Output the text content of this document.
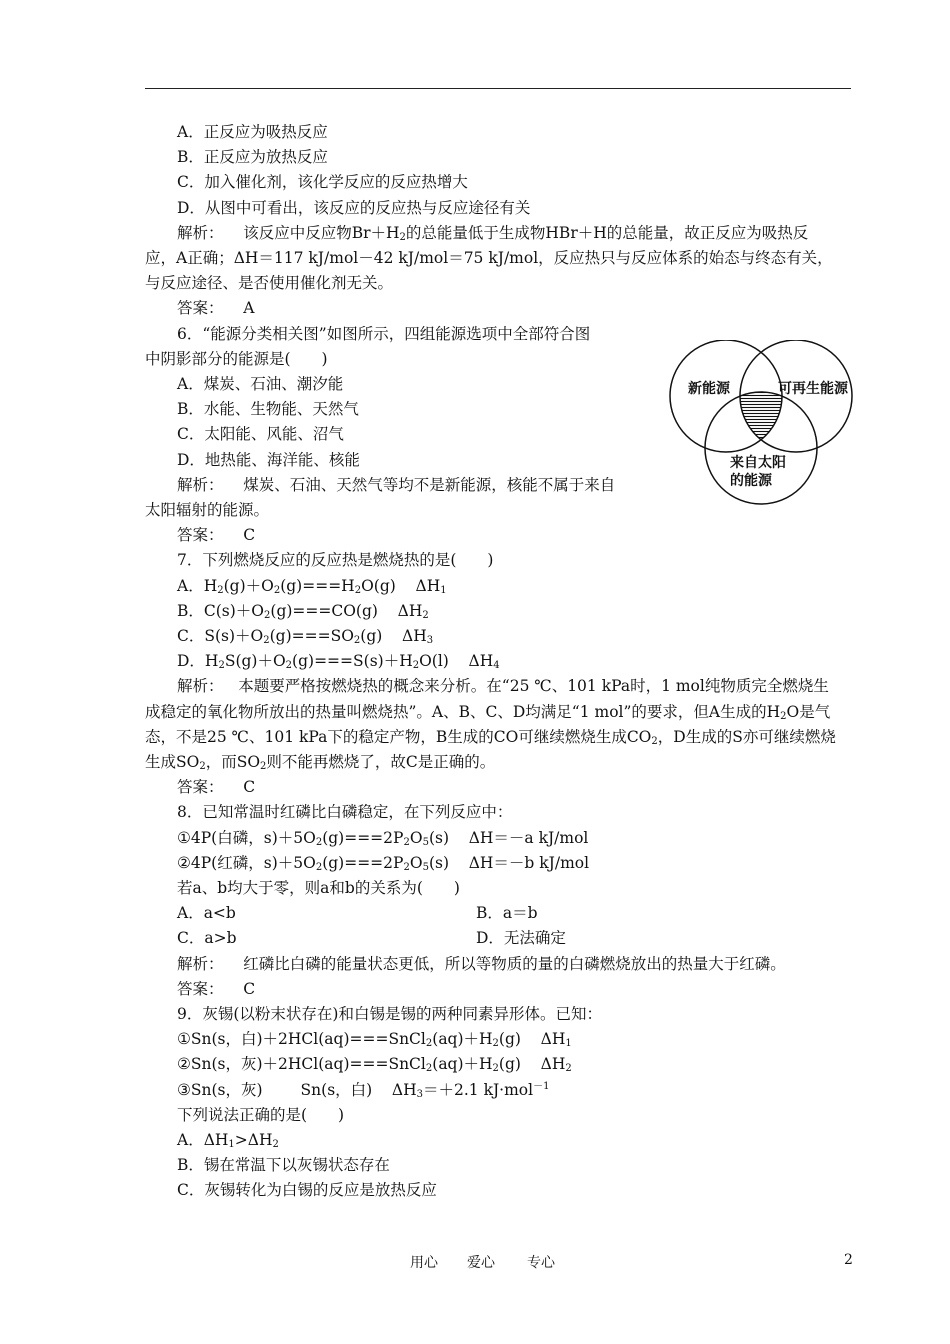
A．正反应为吸热反应
B．正反应为放热反应
C．加入催化剂，该化学反应的反应热增大
D．从图中可看出，该反应的反应热与反应途径有关
解析：    该反应中反应物$Br+H_2$的总能量低于生成物HBr＋H的总能量，故正反应为吸热反
应，A正确；ΔH＝117 kJ/mol－42 kJ/mol＝75 kJ/mol，反应热只与反应体系的始态与终态有关，
与反应途径、是否使用催化剂无关。
答案：    A
6．“能源分类相关图”如图所示，四组能源选项中全部符合图
中阴影部分的能源是(　　)
A．煤炭、石油、潮汐能
B．水能、生物能、天然气
C．太阳能、风能、沼气
D．地热能、海洋能、核能
解析：    煤炭、石油、天然气等均不是新能源，核能不属于来自
太阳辐射的能源。
答案：    C
7．下列燃烧反应的反应热是燃烧热的是(　　)
A．$H_2(g)+O_2(g)===H_2O(g)$    $\Delta H_1$
B．$C(s)+O_2(g)===CO(g)$    $\Delta H_2$
C．$S(s)+O_2(g)===SO_2(g)$    $\Delta H_3$
D．$H_2S(g)+O_2(g)===S(s)+H_2O(l)$    $\Delta H_4$
解析：   本题要严格按燃烧热的概念来分析。在“25 ℃、101 kPa时，1 mol纯物质完全燃烧生
成稳定的氧化物所放出的热量叫燃烧热”。A、B、C、D均满足“1 mol”的要求，但A生成的$H_2O$是气
态，不是25 ℃、101 kPa下的稳定产物，B生成的CO可继续燃烧生成$CO_2$，D生成的S亦可继续燃烧
生成$SO_2$，而$SO_2$则不能再燃烧了，故C是正确的。
答案：    C
8．已知常温时红磷比白磷稳定，在下列反应中：
①4P(白磷，$s)+5O_2(g)===2P_2O_5(s)$    ΔH＝－a kJ/mol
②4P(红磷，$s)+5O_2(g)===2P_2O_5(s)$    ΔH＝－b kJ/mol
若a、b均大于零，则a和b的关系为(　　)
A．a<b
C．a>b
解析：    红磷比白磷的能量状态更低，所以等物质的量的白磷燃烧放出的热量大于红磷。
答案：    C
9．灰锡(以粉末状存在)和白锡是锡的两种同素异形体。已知：
①Sn(s，白)$+2HCl(aq)===SnCl_2(aq)+H_2(g)$    $\Delta H_1$
②Sn(s，灰)$+2HCl(aq)===SnCl_2(aq)+H_2(g)$    $\Delta H_2$
③Sn(s，灰) Sn(s，白)    $\Delta H_3=+2.1$ kJ·mol$^{-1}$
下列说法正确的是(　　)
A．$\Delta H_1>\Delta H_2$
B．锡在常温下以灰锡状态存在
C．灰锡转化为白锡的反应是放热反应
B．a＝b
D．无法确定
新能源	可再生能源
来自太阳
的能源
用心 爱心 专心	2
